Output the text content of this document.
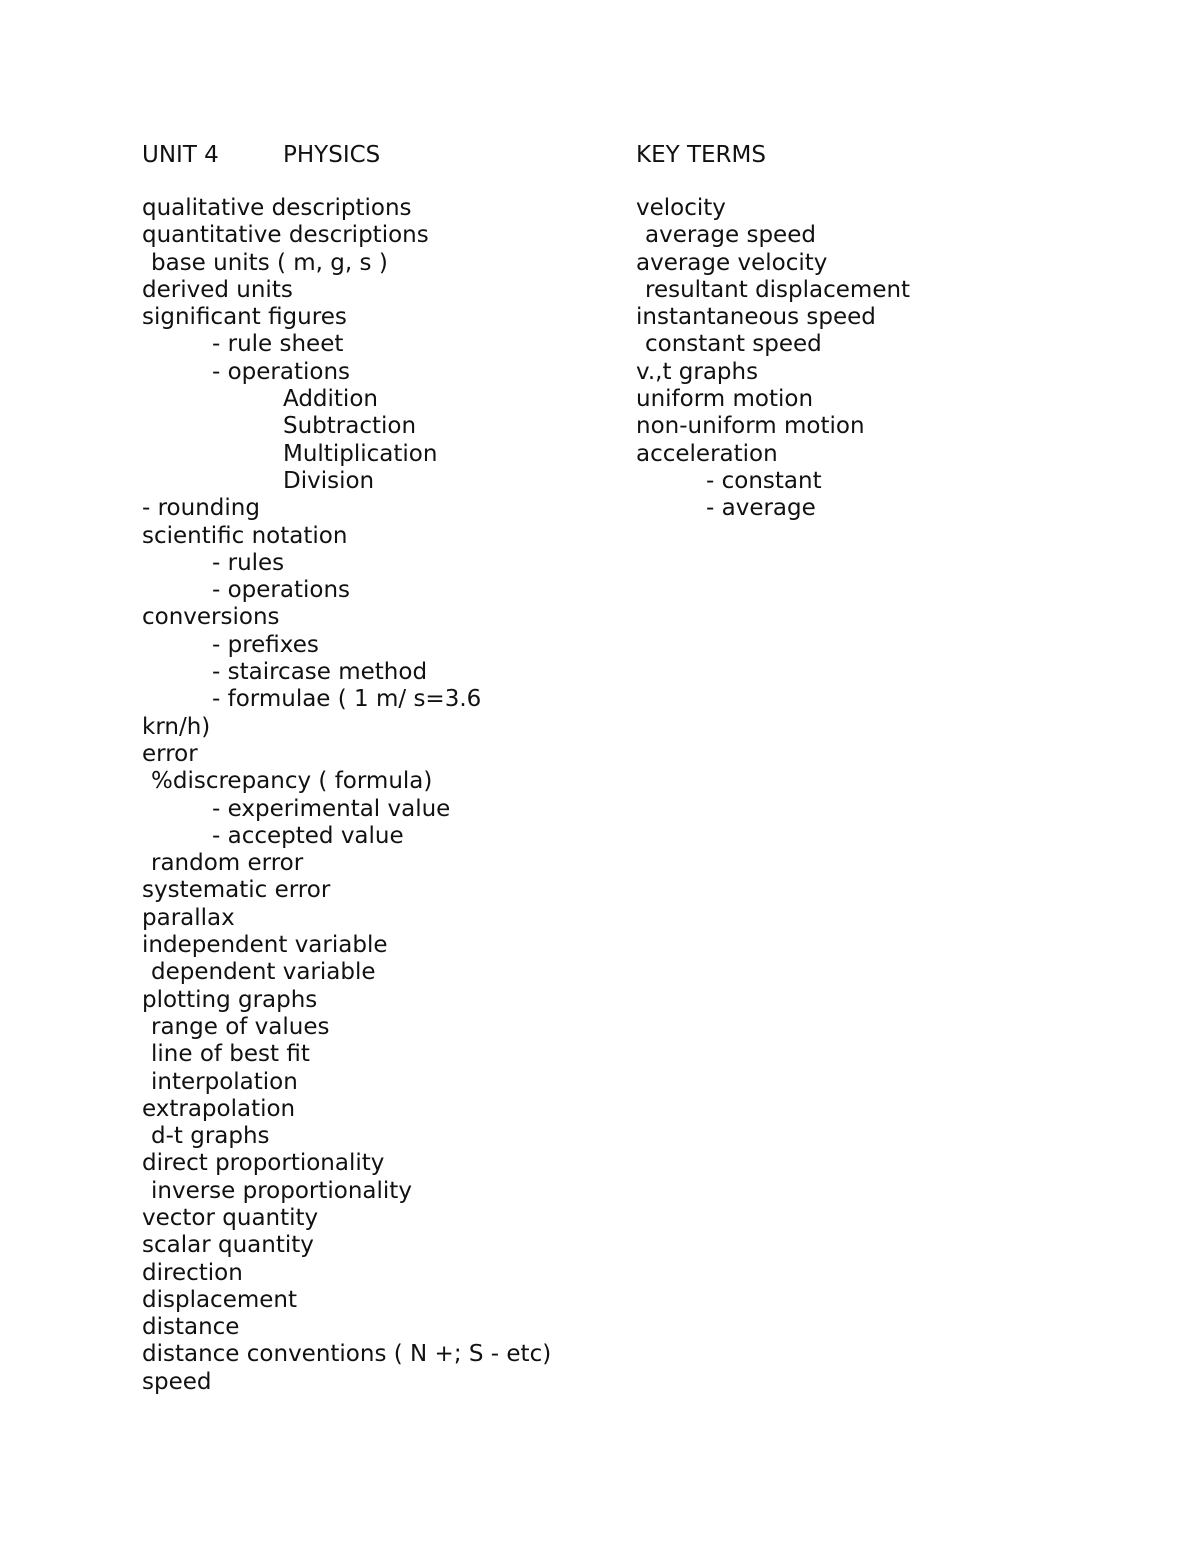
UNIT 4	PHYSICS	KEY TERMS
qualitative descriptions
quantitative descriptions
base units ( m, g, s )
derived units
significant figures
- rule sheet
- operations
Addition
Subtraction
Multiplication
Division
- rounding
scientific notation
- rules
- operations
conversions
- prefixes
- staircase method
- formulae ( 1 m/ s=3.6
krn/h)
error
%discrepancy ( formula)
- experimental value
- accepted value
random error
systematic error
parallax
independent variable
dependent variable
plotting graphs
range of values
line of best fit
interpolation
extrapolation
d-t graphs
direct proportionality
inverse proportionality
vector quantity
scalar quantity
direction
displacement
distance
distance conventions ( N +; S - etc)
speed
velocity
average speed
average velocity
resultant displacement
instantaneous speed
constant speed
v.,t graphs
uniform motion
non-uniform motion
acceleration
- constant
- average
